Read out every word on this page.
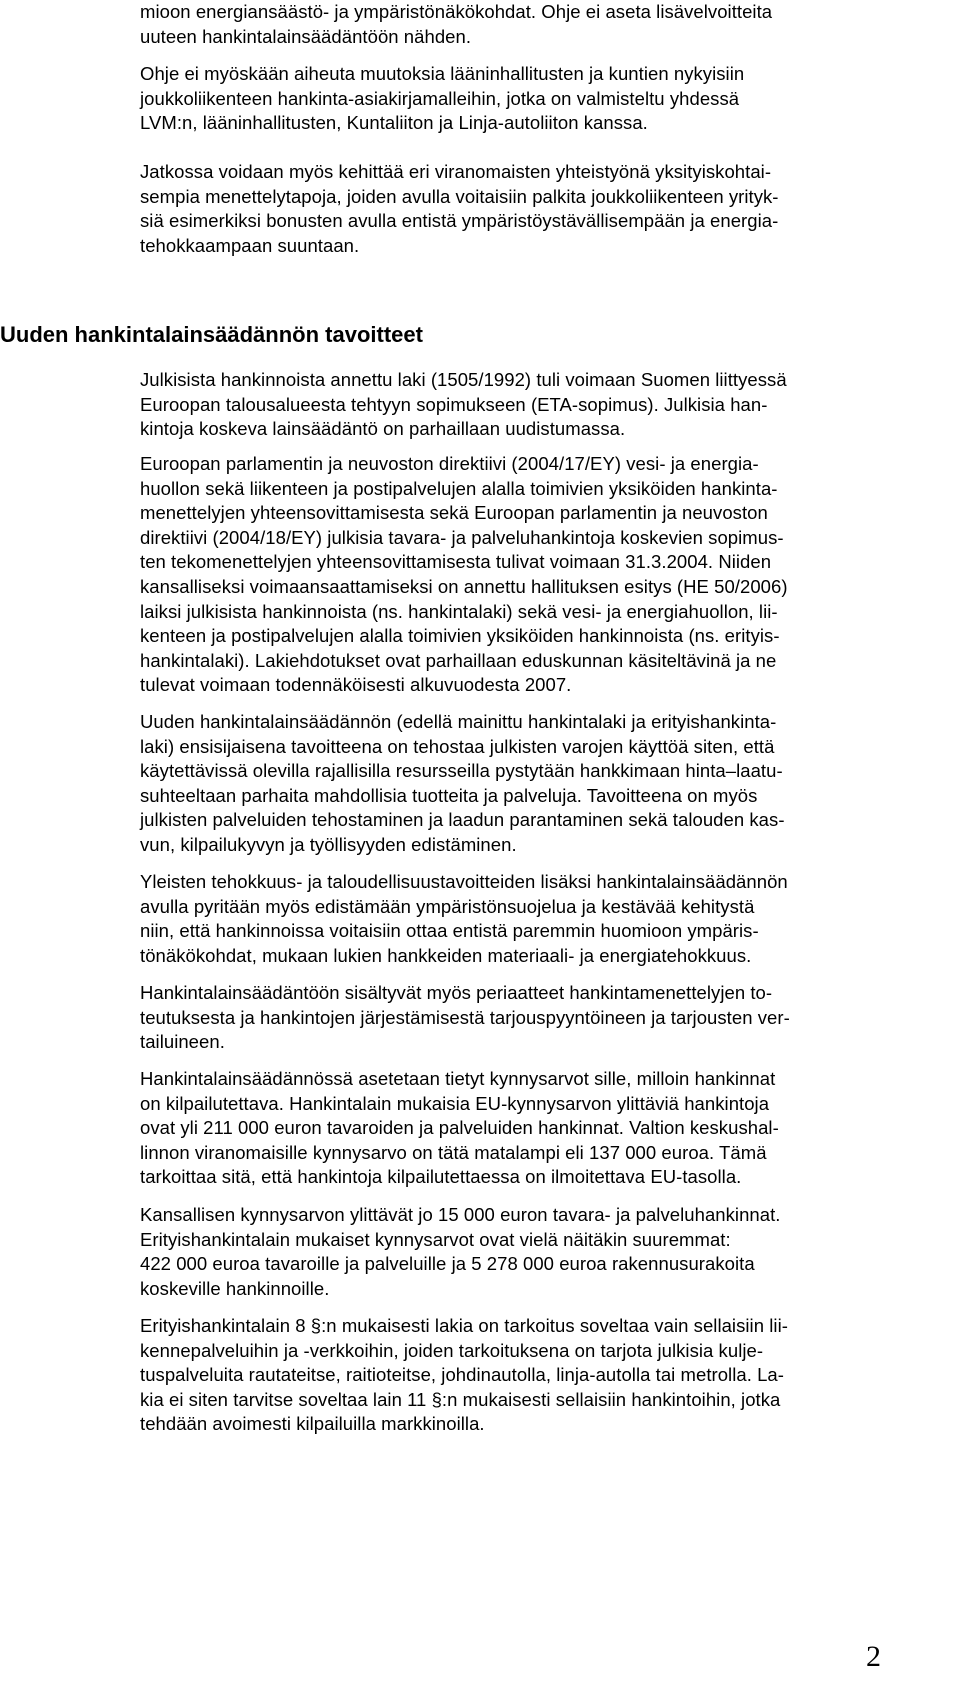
mioon energiansäästö- ja ympäristönäkökohdat. Ohje ei aseta lisävelvoitteita
uuteen hankintalainsäädäntöön nähden.
Ohje ei myöskään aiheuta muutoksia lääninhallitusten ja kuntien nykyisiin
joukkoliikenteen hankinta-asiakirjamalleihin, jotka on valmisteltu yhdessä
LVM:n, lääninhallitusten, Kuntaliiton ja Linja-autoliiton kanssa.
Jatkossa voidaan myös kehittää eri viranomaisten yhteistyönä yksityiskohtai-
sempia menettelytapoja, joiden avulla voitaisiin palkita joukkoliikenteen yrityk-
siä esimerkiksi bonusten avulla entistä ympäristöystävällisempään ja energia-
tehokkaampaan suuntaan.
Uuden hankintalainsäädännön tavoitteet
Julkisista hankinnoista annettu laki (1505/1992) tuli voimaan Suomen liittyessä
Euroopan talousalueesta tehtyyn sopimukseen (ETA-sopimus). Julkisia han-
kintoja koskeva lainsäädäntö on parhaillaan uudistumassa.
Euroopan parlamentin ja neuvoston direktiivi (2004/17/EY) vesi- ja energia-
huollon sekä liikenteen ja postipalvelujen alalla toimivien yksiköiden hankinta-
menettelyjen yhteensovittamisesta sekä Euroopan parlamentin ja neuvoston
direktiivi (2004/18/EY) julkisia tavara- ja palveluhankintoja koskevien sopimus-
ten tekomenettelyjen yhteensovittamisesta tulivat voimaan 31.3.2004. Niiden
kansalliseksi voimaansaattamiseksi on annettu hallituksen esitys (HE 50/2006)
laiksi julkisista hankinnoista (ns. hankintalaki) sekä vesi- ja energiahuollon, lii-
kenteen ja postipalvelujen alalla toimivien yksiköiden hankinnoista (ns. erityis-
hankintalaki). Lakiehdotukset ovat parhaillaan eduskunnan käsiteltävinä ja ne
tulevat voimaan todennäköisesti alkuvuodesta 2007.
Uuden hankintalainsäädännön (edellä mainittu hankintalaki ja erityishankinta-
laki) ensisijaisena tavoitteena on tehostaa julkisten varojen käyttöä siten, että
käytettävissä olevilla rajallisilla resursseilla pystytään hankkimaan hinta–laatu-
suhteeltaan parhaita mahdollisia tuotteita ja palveluja. Tavoitteena on myös
julkisten palveluiden tehostaminen ja laadun parantaminen sekä talouden kas-
vun, kilpailukyvyn ja työllisyyden edistäminen.
Yleisten tehokkuus- ja taloudellisuustavoitteiden lisäksi hankintalainsäädännön
avulla pyritään myös edistämään ympäristönsuojelua ja kestävää kehitystä
niin, että hankinnoissa voitaisiin ottaa entistä paremmin huomioon ympäris-
tönäkökohdat, mukaan lukien hankkeiden materiaali- ja energiatehokkuus.
Hankintalainsäädäntöön sisältyvät myös periaatteet hankintamenettelyjen to-
teutuksesta ja hankintojen järjestämisestä tarjouspyyntöineen ja tarjousten ver-
tailuineen.
Hankintalainsäädännössä asetetaan tietyt kynnysarvot sille, milloin hankinnat
on kilpailutettava. Hankintalain mukaisia EU-kynnysarvon ylittäviä hankintoja
ovat yli 211 000 euron tavaroiden ja palveluiden hankinnat. Valtion keskushal-
linnon viranomaisille kynnysarvo on tätä matalampi eli 137 000 euroa. Tämä
tarkoittaa sitä, että hankintoja kilpailutettaessa on ilmoitettava EU-tasolla.
Kansallisen kynnysarvon ylittävät jo 15 000 euron tavara- ja palveluhankinnat.
Erityishankintalain mukaiset kynnysarvot ovat vielä näitäkin suuremmat:
422 000 euroa tavaroille ja palveluille ja 5 278 000 euroa rakennusurakoita
koskeville hankinnoille.
Erityishankintalain 8 §:n mukaisesti lakia on tarkoitus soveltaa vain sellaisiin lii-
kennepalveluihin ja -verkkoihin, joiden tarkoituksena on tarjota julkisia kulje-
tuspalveluita rautateitse, raitioteitse, johdinautolla, linja-autolla tai metrolla. La-
kia ei siten tarvitse soveltaa lain 11 §:n mukaisesti sellaisiin hankintoihin, jotka
tehdään avoimesti kilpailuilla markkinoilla.
2
